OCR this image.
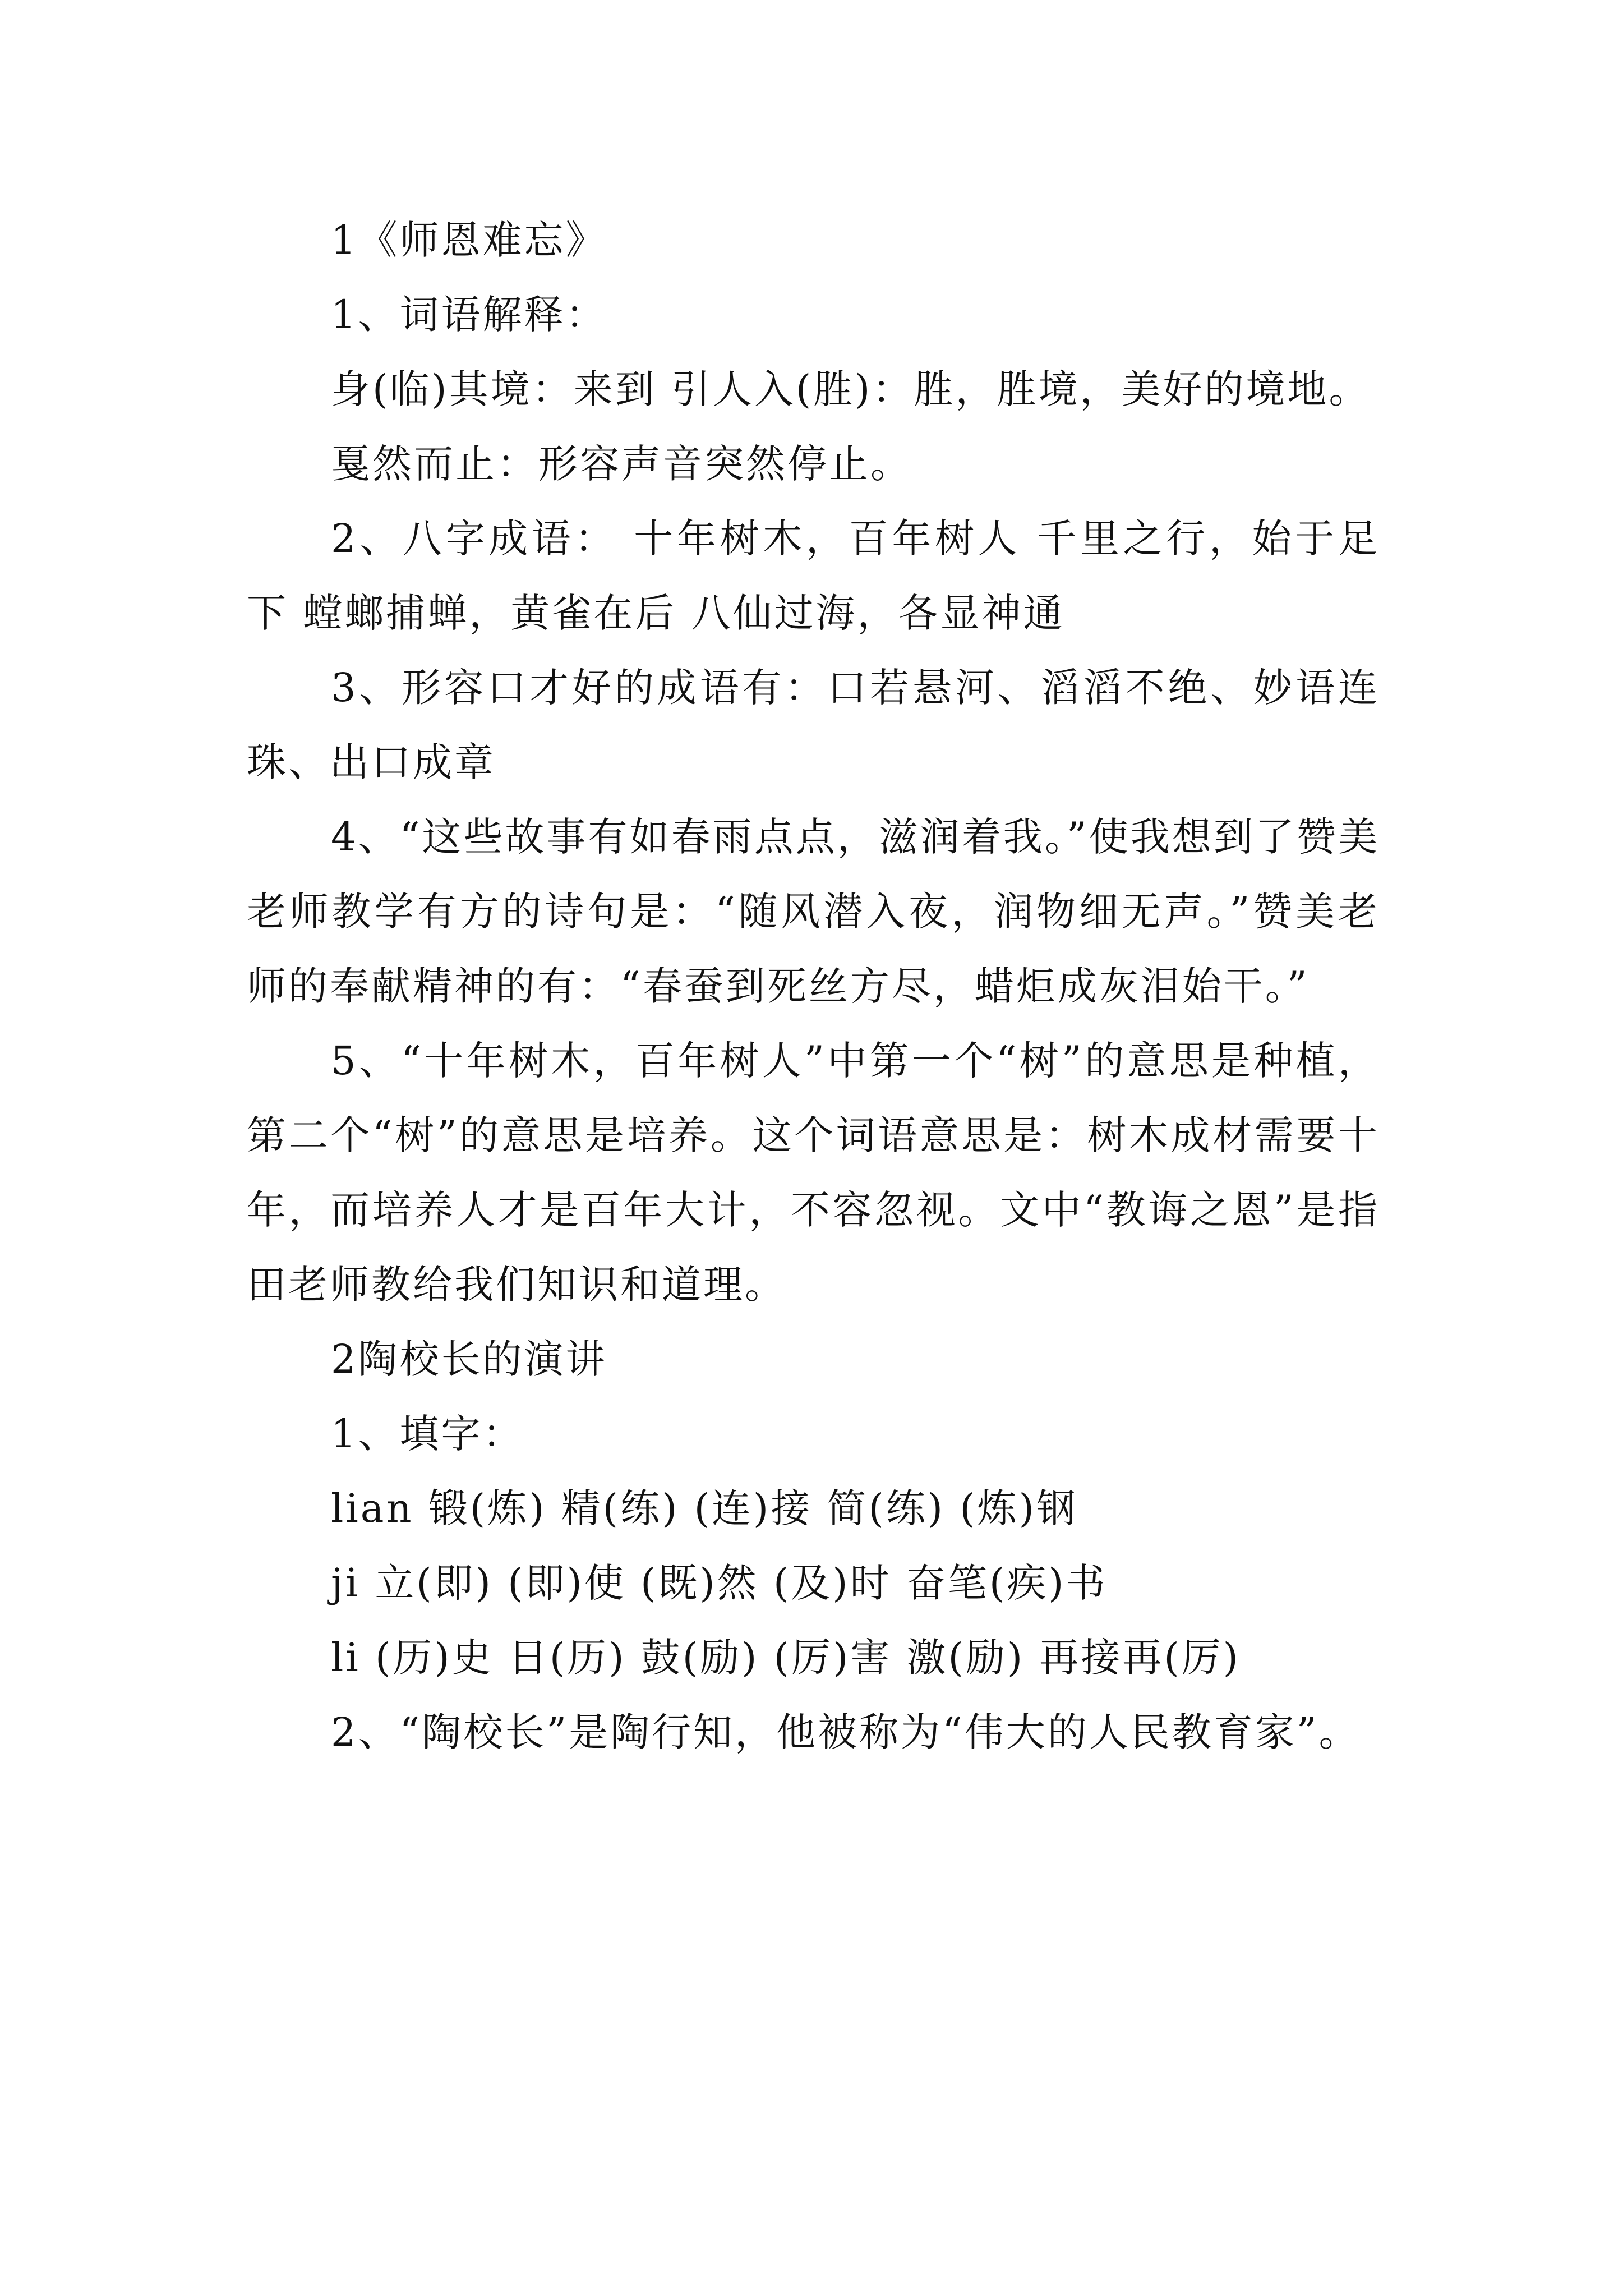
1《师恩难忘》

1、词语解释：

身(临)其境：来到 引人入(胜)：胜，胜境，美好的境地。

戛然而止：形容声音突然停止。

2、八字成语： 十年树木，百年树人 千里之行，始于足下 螳螂捕蝉，黄雀在后 八仙过海，各显神通

3、形容口才好的成语有：口若悬河、滔滔不绝、妙语连珠、出口成章

4、“这些故事有如春雨点点，滋润着我。”使我想到了赞美老师教学有方的诗句是：“随风潜入夜，润物细无声。”赞美老师的奉献精神的有：“春蚕到死丝方尽，蜡炬成灰泪始干。”

5、“十年树木，百年树人”中第一个“树”的意思是种植，第二个“树”的意思是培养。这个词语意思是：树木成材需要十年，而培养人才是百年大计，不容忽视。文中“教诲之恩”是指田老师教给我们知识和道理。

2陶校长的演讲

1、填字：

lian 锻(炼) 精(练) (连)接 简(练) (炼)钢

ji 立(即) (即)使 (既)然 (及)时 奋笔(疾)书

li (历)史 日(历) 鼓(励) (厉)害 激(励) 再接再(厉)

2、“陶校长”是陶行知，他被称为“伟大的人民教育家”。
